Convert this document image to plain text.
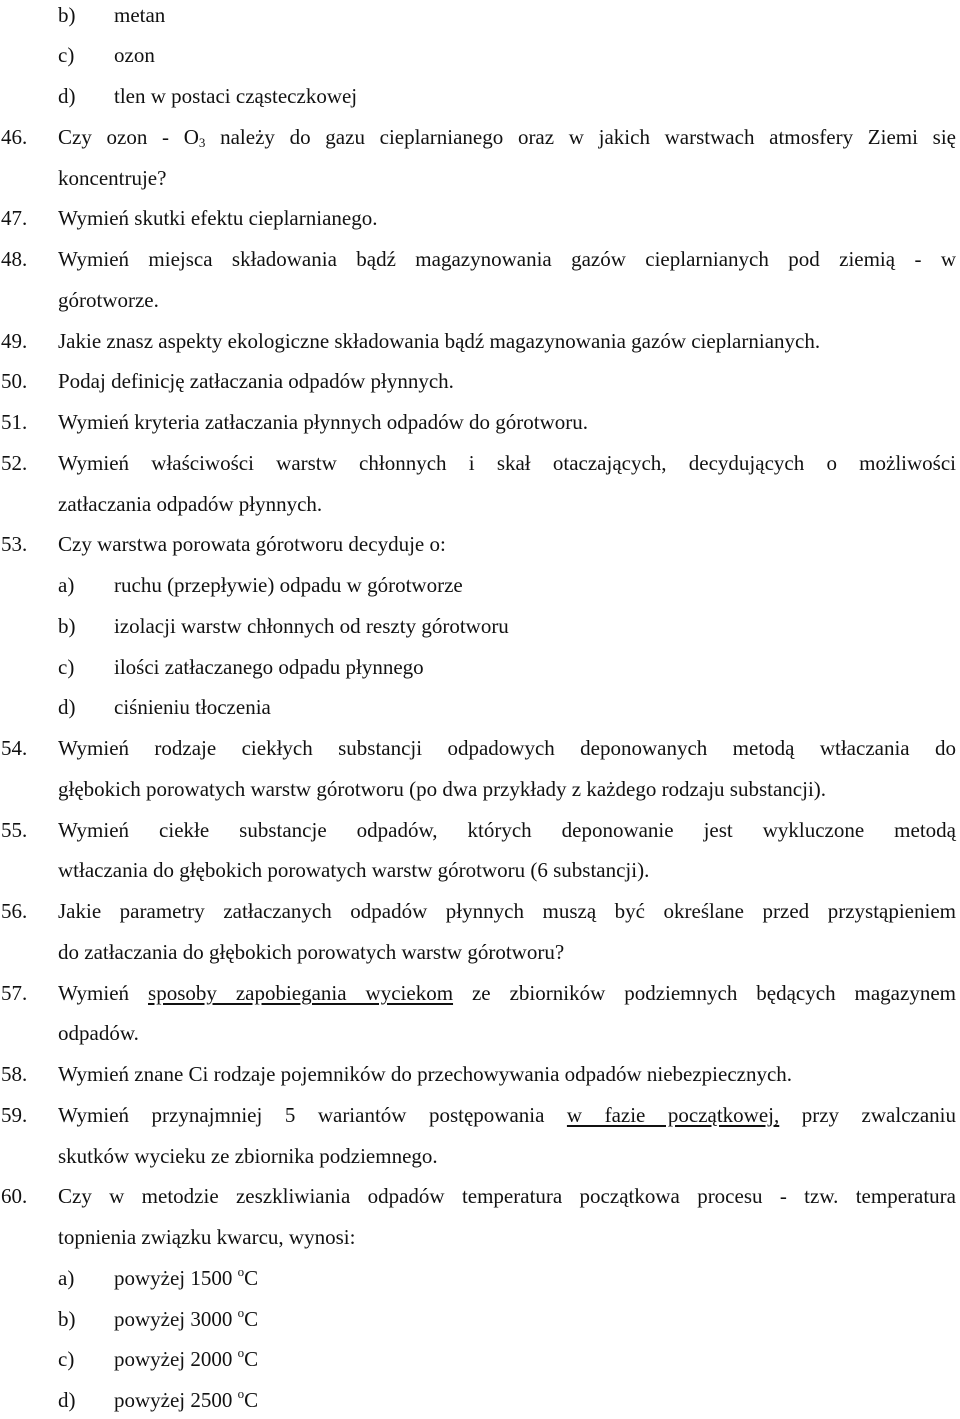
b) metan
c) ozon
d) tlen w postaci cząsteczkowej
46. Czy ozon - $O_3$ należy do gazu cieplarnianego oraz w jakich warstwach atmosfery Ziemi się
koncentruje?
47. Wymień skutki efektu cieplarnianego.
48. Wymień miejsca składowania bądź magazynowania gazów cieplarnianych pod ziemią - w
górotworze.
49. Jakie znasz aspekty ekologiczne składowania bądź magazynowania gazów cieplarnianych.
50. Podaj definicję zatłaczania odpadów płynnych.
51. Wymień kryteria zatłaczania płynnych odpadów do górotworu.
52. Wymień właściwości warstw chłonnych i skał otaczających, decydujących o możliwości
zatłaczania odpadów płynnych.
53. Czy warstwa porowata górotworu decyduje o:
a) ruchu (przepływie) odpadu w górotworze
b) izolacji warstw chłonnych od reszty górotworu
c) ilości zatłaczanego odpadu płynnego
d) ciśnieniu tłoczenia
54. Wymień rodzaje ciekłych substancji odpadowych deponowanych metodą wtłaczania do
głębokich porowatych warstw górotworu (po dwa przykłady z każdego rodzaju substancji).
55. Wymień ciekłe substancje odpadów, których deponowanie jest wykluczone metodą
wtłaczania do głębokich porowatych warstw górotworu (6 substancji).
56. Jakie parametry zatłaczanych odpadów płynnych muszą być określane przed przystąpieniem
do zatłaczania do głębokich porowatych warstw górotworu?
57. Wymień sposoby zapobiegania wyciekom ze zbiorników podziemnych będących magazynem
odpadów.
58. Wymień znane Ci rodzaje pojemników do przechowywania odpadów niebezpiecznych.
59. Wymień przynajmniej 5 wariantów postępowania w fazie początkowej, przy zwalczaniu
skutków wycieku ze zbiornika podziemnego.
60. Czy w metodzie zeszkliwiania odpadów temperatura początkowa procesu - tzw. temperatura
topnienia związku kwarcu, wynosi:
a) powyżej 1500 $^o$C
b) powyżej 3000 $^o$C
c) powyżej 2000 $^o$C
d) powyżej 2500 $^o$C
